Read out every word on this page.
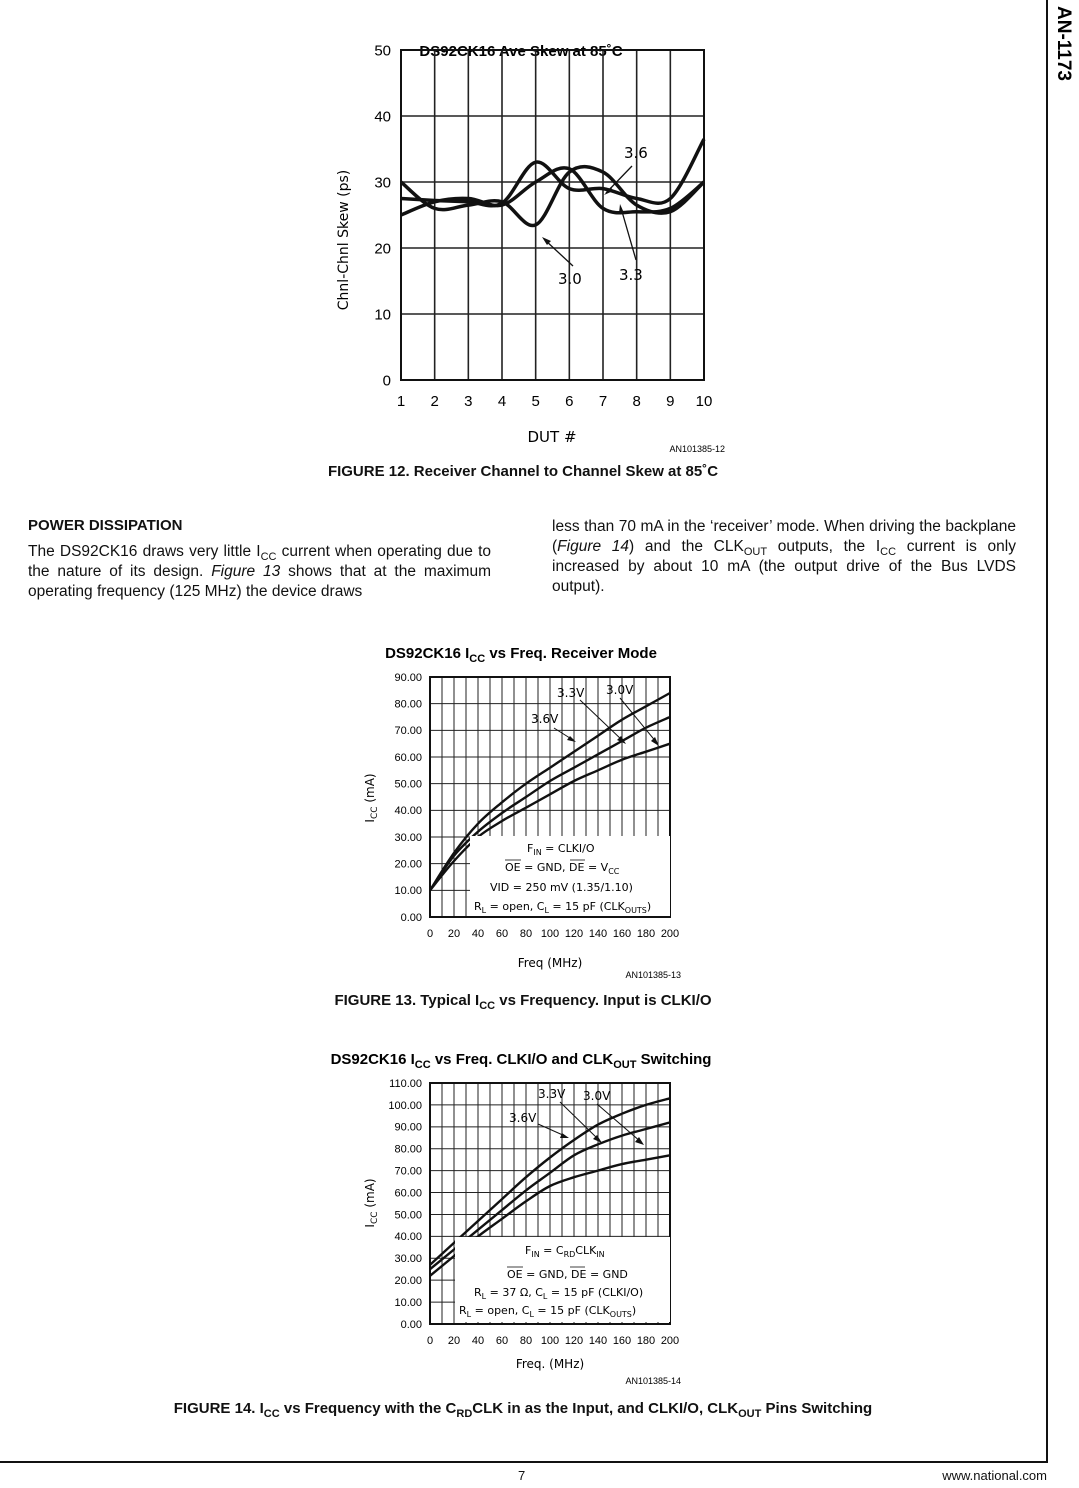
AN-1173
DS92CK16 Ave Skew at 85˚C
DUT #
Chnl-Chnl Skew (ps)
AN101385-12
0
10
20
30
40
50
1 2 3 4 5 6 7 8 9 10
3.6
3.0 3.3
FIGURE 12. Receiver Channel to Channel Skew at 85˚C
POWER DISSIPATION
The DS92CK16 draws very little $I_{CC}$ current when operating due to the nature of its design. Figure 13 shows that at the maximum operating frequency (125 MHz) the device draws
less than 70 mA in the ‘receiver’ mode. When driving the backplane (Figure 14) and the $CLK_{OUT}$ outputs, the $I_{CC}$ current is only increased by about 10 mA (the output drive of the Bus LVDS output).
DS92CK16 $I_{CC}$ vs Freq. Receiver Mode
Freq (MHz)
$I_{CC}$ (mA)
AN101385-13
0.00
10.00
20.00
30.00
40.00
50.00
60.00
70.00
80.00
90.00
0 20 40 60 80 100 120 140 160 180 200
3.3V 3.0V
3.6V
$F_{IN}$ = CLKI/O
OE = GND, DE = $V_{CC}$
VID = 250 mV (1.35/1.10)
$R_L$ = open, $C_L = 15$ pF $(CLK_{OUTS})$
FIGURE 13. Typical $I_{CC}$ vs Frequency. Input is CLKI/O
DS92CK16 $I_{CC}$ vs Freq. CLKI/O and $CLK_{OUT}$ Switching
Freq. (MHz)
$I_{CC}$ (mA)
AN101385-14
0.00
10.00
20.00
30.00
40.00
50.00
60.00
70.00
80.00
90.00
100.00
110.00
0 20 40 60 80 100 120 140 160 180 200
3.3V 3.0V
3.6V
$F_{IN} = C_{RD}CLK_{IN}$
OE = GND, DE = GND
$R_L = 37$ Ω, $C_L = 15$ pF (CLKI/O)
$R_L$ = open, $C_L = 15$ pF $(CLK_{OUTS})$
FIGURE 14. $I_{CC}$ vs Frequency with the $C_{RD}CLK$ in as the Input, and CLKI/O, $CLK_{OUT}$ Pins Switching
7	www.national.com
